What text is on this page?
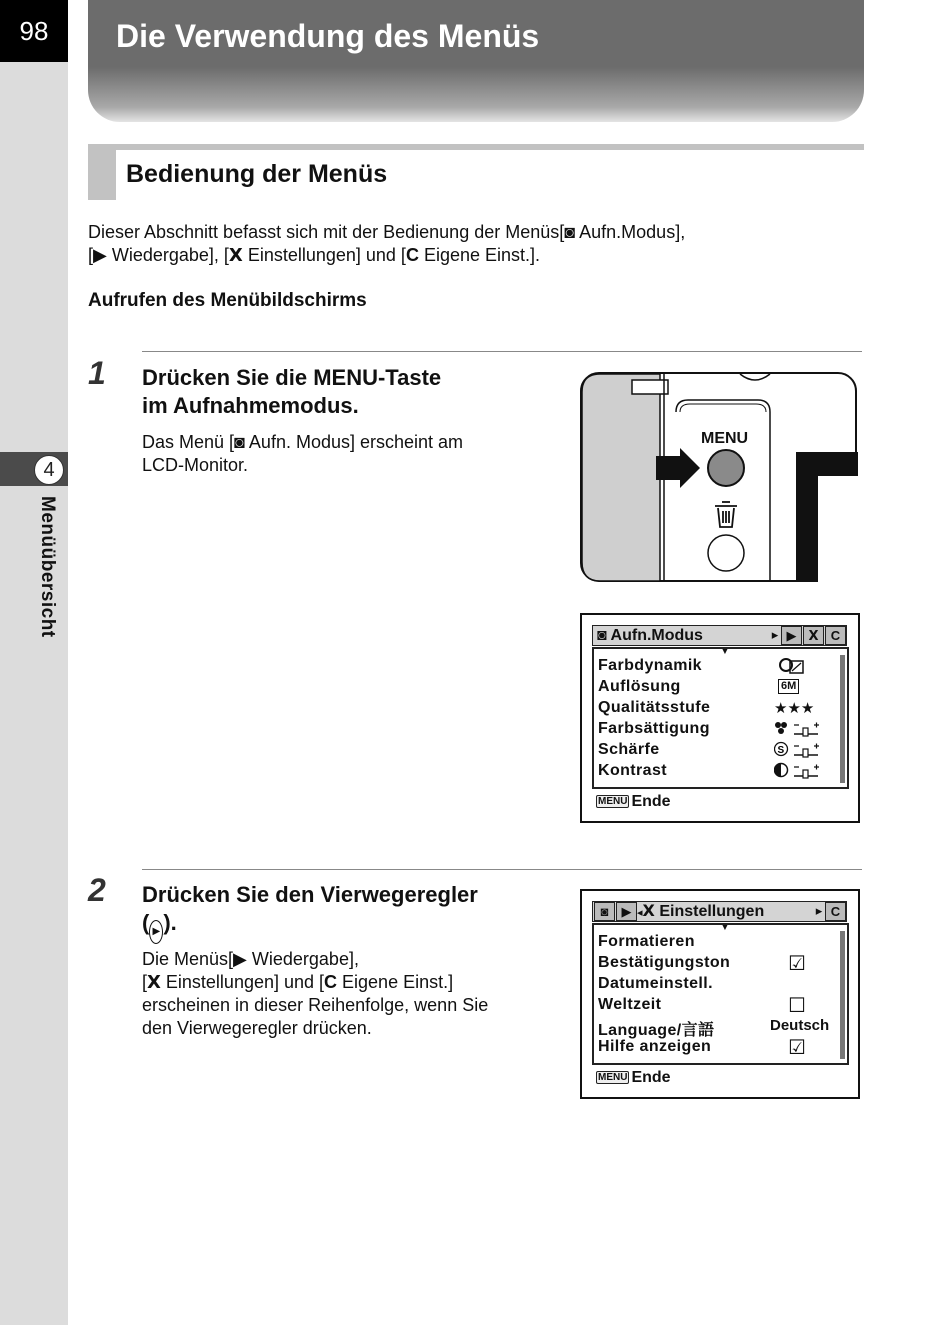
98
4
Menüübersicht
Die Verwendung des Menüs
Bedienung der Menüs
Dieser Abschnitt befasst sich mit der Bedienung der Menüs[◙ Aufn.Modus],
[▶ Wiedergabe], [Ⅹ Einstellungen] und [C Eigene Einst.].
Aufrufen des Menübildschirms
1 Drücken Sie die MENU-Taste
im Aufnahmemodus.
Das Menü [◙ Aufn. Modus] erscheint am
LCD-Monitor.
MENU
◙ Aufn.Modus	▸ ▶ Ⅹ C
▼
Farbdynamik
Auflösung	6M
Qualitätsstufe	★★★
Farbsättigung
Schärfe	S
Kontrast
MENU Ende
2 Drücken Sie den Vierwegeregler
( ▶ ).
Die Menüs[▶ Wiedergabe],
[Ⅹ Einstellungen] und [C Eigene Einst.]
erscheinen in dieser Reihenfolge, wenn Sie
den Vierwegeregler drücken.
◙	▶ ◂Ⅹ Einstellungen	▸ C
▼
Formatieren
Bestätigungston	☑
Datumeinstell.
Weltzeit	☐
Language/言語	Deutsch
Hilfe anzeigen	☑
MENU Ende
